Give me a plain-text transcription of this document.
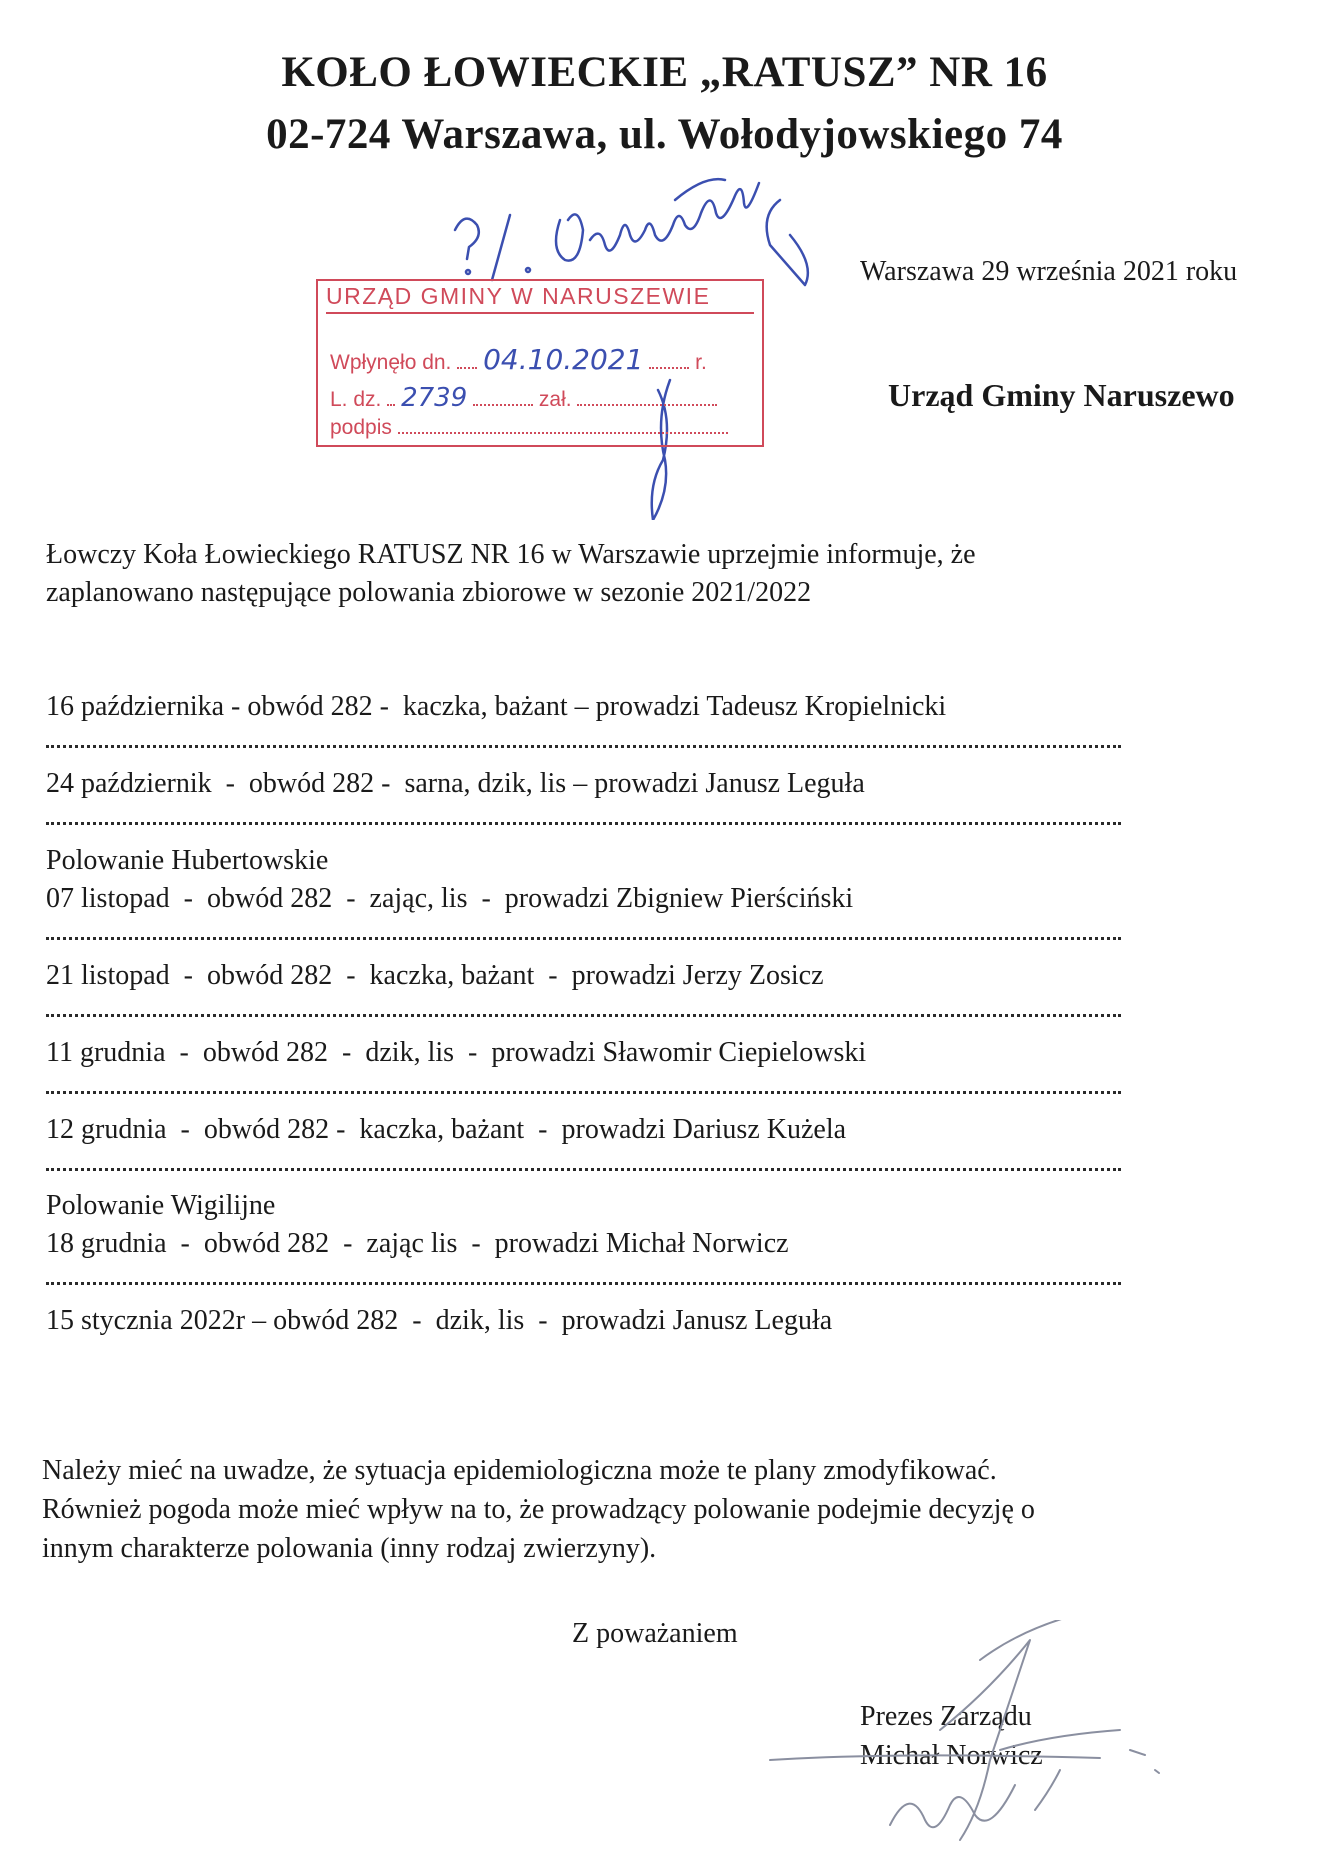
KOŁO ŁOWIECKIE „RATUSZ” NR 16
02-724 Warszawa, ul. Wołodyjowskiego 74
Warszawa 29 września 2021 roku
URZĄD GMINY W NARUSZEWIE
Wpłynęło dn. 04.10.2021 r.
L. dz. 2739	zał.
podpis
Urząd Gminy Naruszewo
Łowczy Koła Łowieckiego RATUSZ NR 16 w Warszawie uprzejmie informuje, że
zaplanowano następujące polowania zbiorowe w sezonie 2021/2022
16 października - obwód 282 -  kaczka, bażant – prowadzi Tadeusz Kropielnicki
24 październik  -  obwód 282 -  sarna, dzik, lis – prowadzi Janusz Leguła
Polowanie Hubertowskie
07 listopad  -  obwód 282  -  zając, lis  -  prowadzi Zbigniew Pierściński
21 listopad  -  obwód 282  -  kaczka, bażant  -  prowadzi Jerzy Zosicz
11 grudnia  -  obwód 282  -  dzik, lis  -  prowadzi Sławomir Ciepielowski
12 grudnia  -  obwód 282 -  kaczka, bażant  -  prowadzi Dariusz Kużela
Polowanie Wigilijne
18 grudnia  -  obwód 282  -  zając lis  -  prowadzi Michał Norwicz
15 stycznia 2022r – obwód 282  -  dzik, lis  -  prowadzi Janusz Leguła
Należy mieć na uwadze, że sytuacja epidemiologiczna może te plany zmodyfikować.
Również pogoda może mieć wpływ na to, że prowadzący polowanie podejmie decyzję o
innym charakterze polowania (inny rodzaj zwierzyny).
Z poważaniem
Prezes Zarządu
Michał Norwicz
